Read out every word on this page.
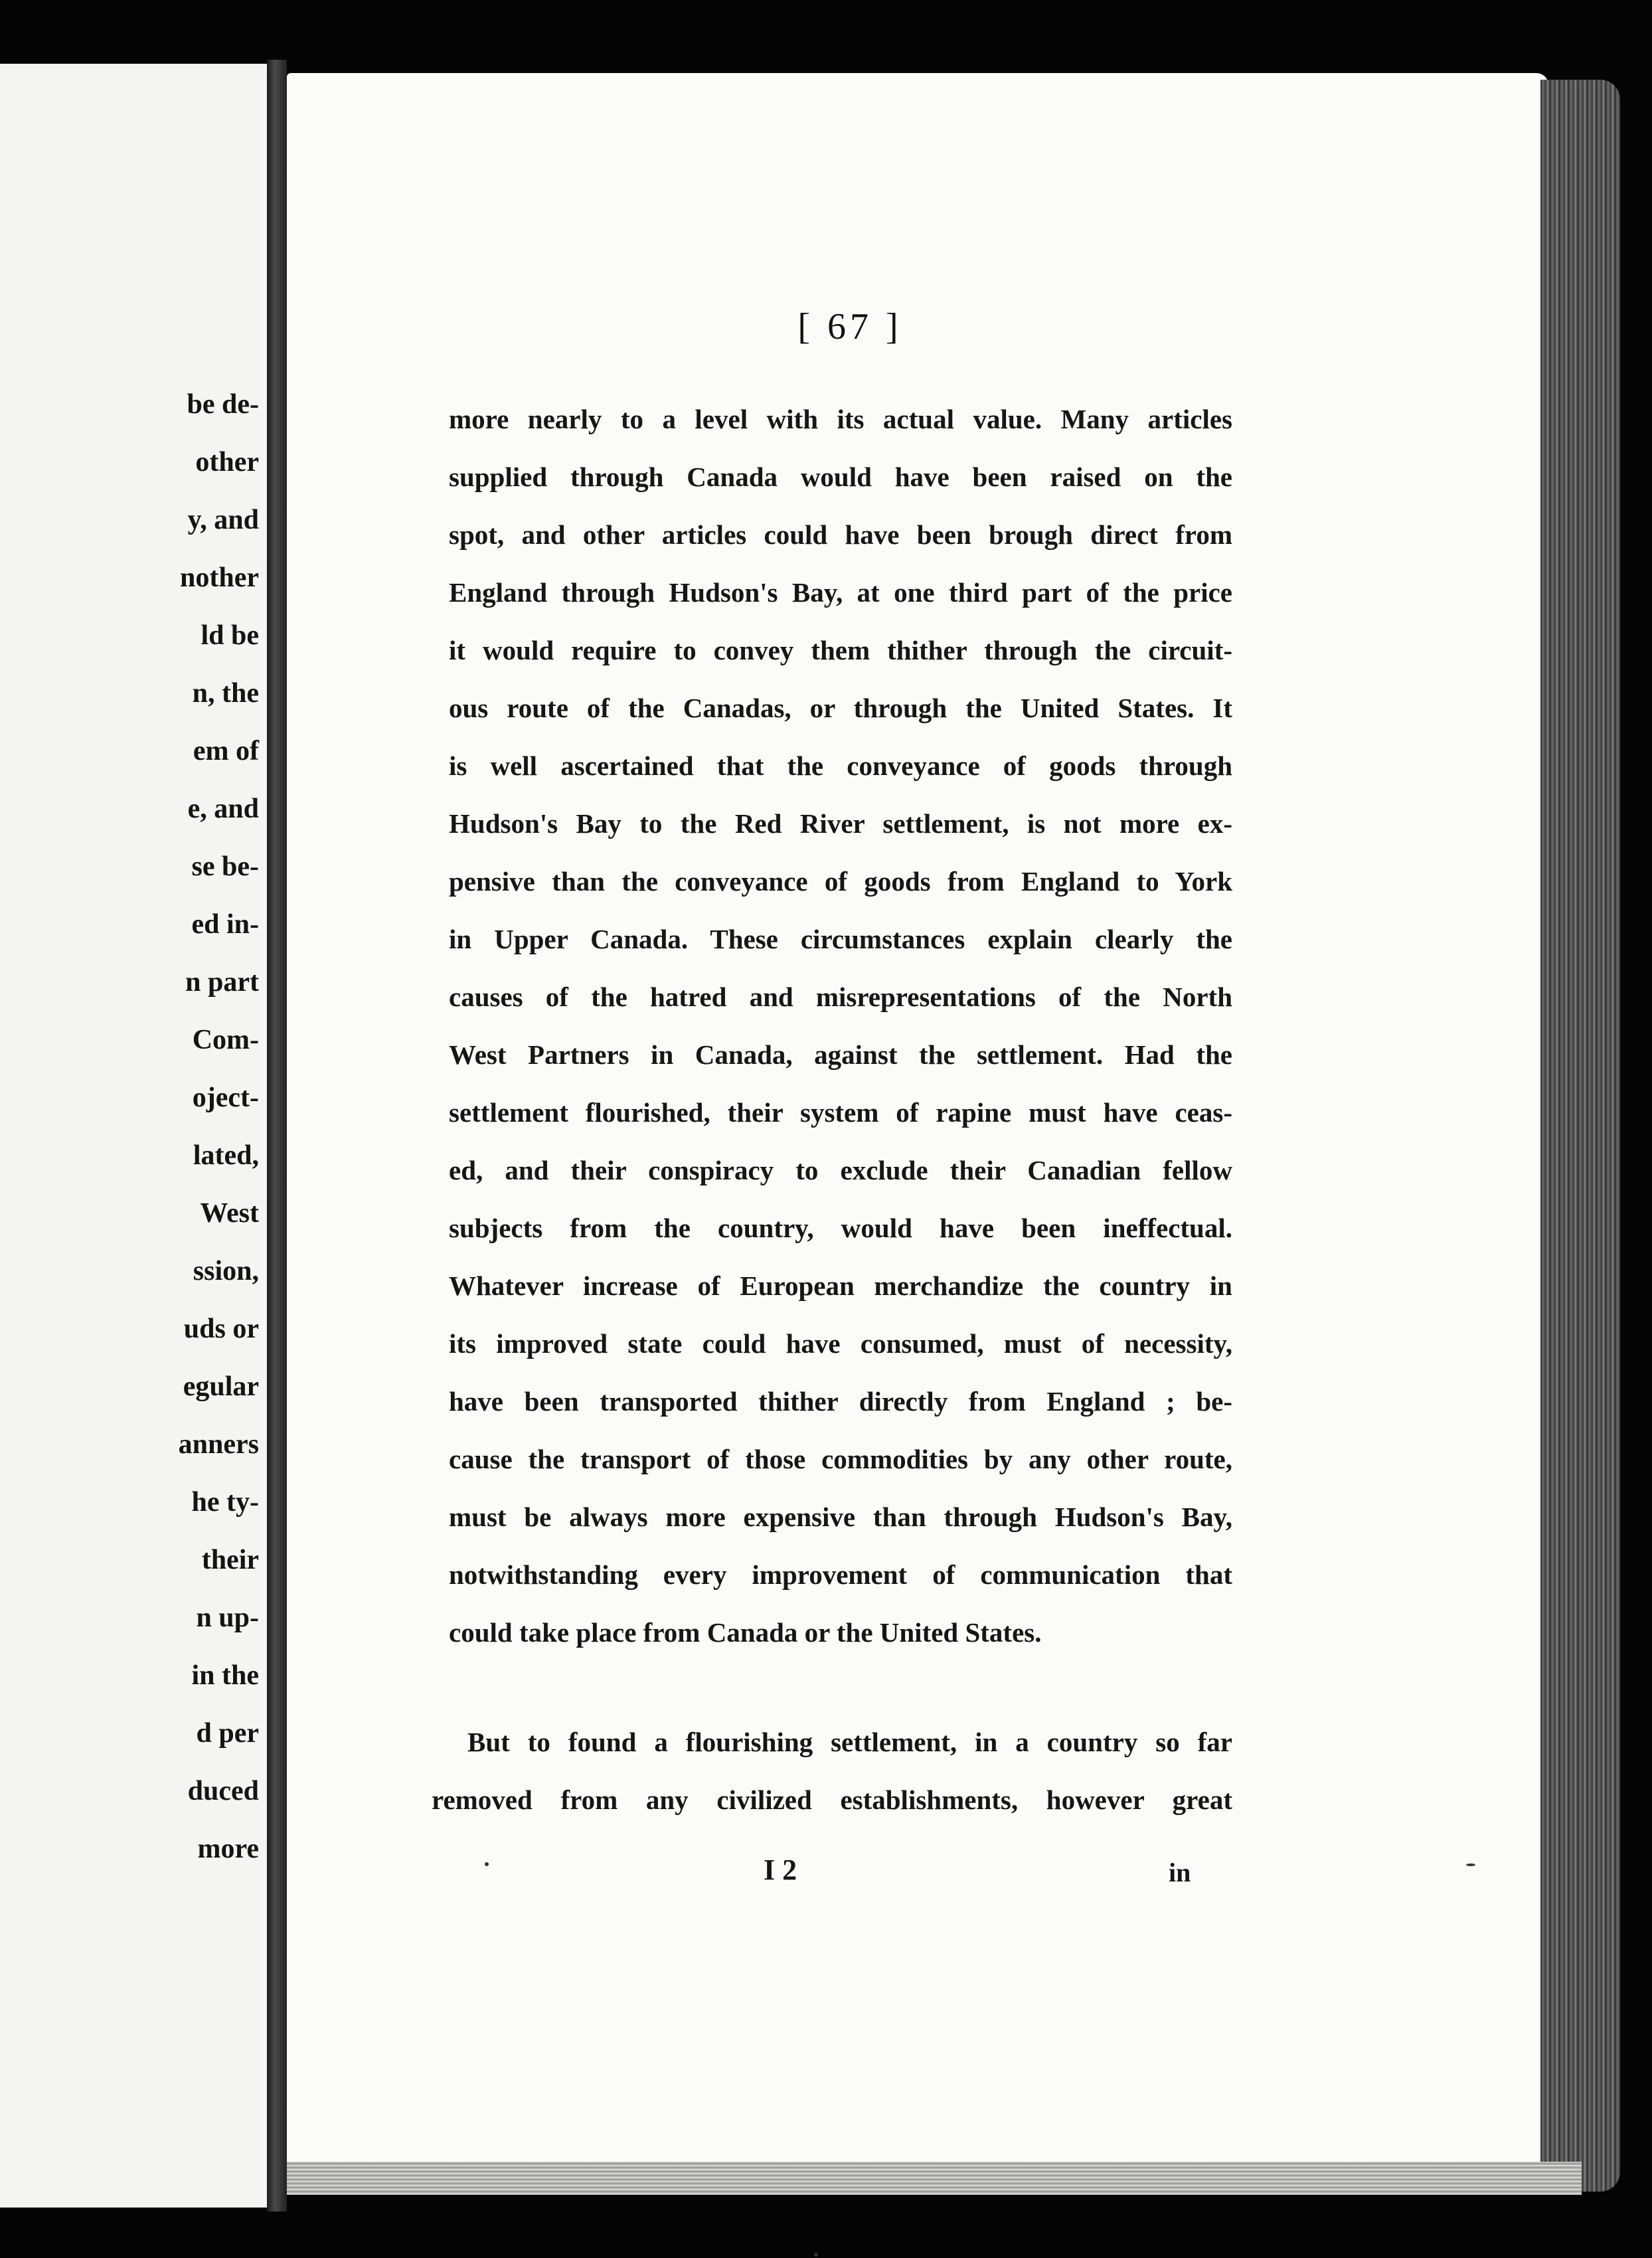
be de-
other
y, and
nother
ld be
n, the
em of
e, and
se be-
ed in-
n part
Com-
oject-
lated,
West
ssion,
uds or
egular
anners
he ty-
their
n up-
in the
d per
duced
more
[ 67 ]
more nearly to a level with its actual value. Many articles
supplied through Canada would have been raised on the
spot, and other articles could have been brough direct from
England through Hudson's Bay, at one third part of the price
it would require to convey them thither through the circuit-
ous route of the Canadas, or through the United States. It
is well ascertained that the conveyance of goods through
Hudson's Bay to the Red River settlement, is not more ex-
pensive than the conveyance of goods from England to York
in Upper Canada. These circumstances explain clearly the
causes of the hatred and misrepresentations of the North
West Partners in Canada, against the settlement. Had the
settlement flourished, their system of rapine must have ceas-
ed, and their conspiracy to exclude their Canadian fellow
subjects from the country, would have been ineffectual.
Whatever increase of European merchandize the country in
its improved state could have consumed, must of necessity,
have been transported thither directly from England ; be-
cause the transport of those commodities by any other route,
must be always more expensive than through Hudson's Bay,
notwithstanding every improvement of communication that
could take place from Canada or the United States.
But to found a flourishing settlement, in a country so far
removed from any civilized establishments, however great
I 2	in
